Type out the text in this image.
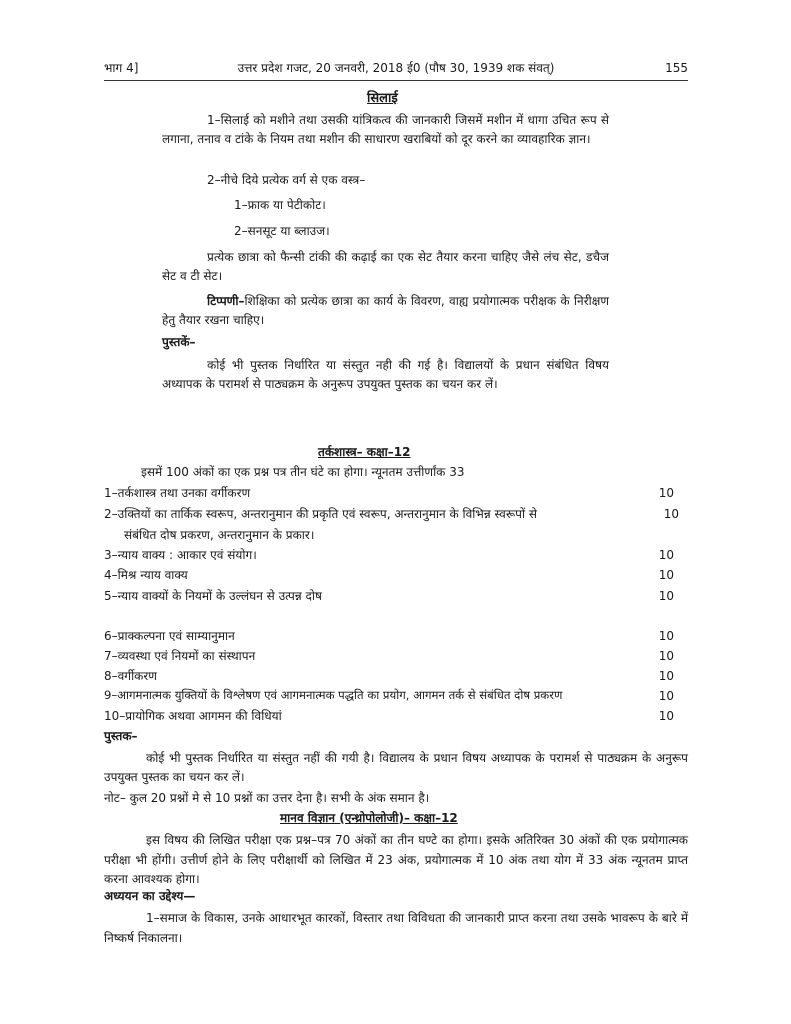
भाग 4]	उत्तर प्रदेश गजट, 20 जनवरी, 2018 ई0 (पौष 30, 1939 शक संवत्)	155
सिलाई
1–सिलाई को मशीने तथा उसकी यांत्रिकत्व की जानकारी जिसमें मशीन में धागा उचित रूप से लगाना, तनाव व टांके के नियम तथा मशीन की साधारण खराबियों को दूर करने का व्यावहारिक ज्ञान।
2–नीचे दिये प्रत्येक वर्ग से एक वस्त्र–
1–फ्राक या पेटीकोट।
2–सनसूट या ब्लाउज।
प्रत्येक छात्रा को फैन्सी टांकी की कढ़ाई का एक सेट तैयार करना चाहिए जैसे लंच सेट, डचैज सेट व टी सेट।
टिप्पणी–शिक्षिका को प्रत्येक छात्रा का कार्य के विवरण, वाह्य प्रयोगात्मक परीक्षक के निरीक्षण हेतु तैयार रखना चाहिए।
पुस्तकें–
कोई भी पुस्तक निर्धारित या संस्तुत नही की गई है। विद्यालयों के प्रधान संबंधित विषय अध्यापक के परामर्श से पाठ्यक्रम के अनुरूप उपयुक्त पुस्तक का चयन कर लें।
तर्कशास्त्र– कक्षा–12
इसमें 100 अंकों का एक प्रश्न पत्र तीन घंटे का होगा। न्यूनतम उत्तीर्णांक 33
1–तर्कशास्त्र तथा उनका वर्गीकरण	10
2–उक्तियों का तार्किक स्वरूप, अन्तरानुमान की प्रकृति एवं स्वरूप, अन्तरानुमान के विभिन्न स्वरूपों से	10
संबंधित दोष प्रकरण, अन्तरानुमान के प्रकार।
3–न्याय वाक्य : आकार एवं संयोग।	10
4–मिश्र न्याय वाक्य	10
5–न्याय वाक्यों के नियमों के उल्लंघन से उत्पन्न दोष	10
6–प्राक्कल्पना एवं साम्यानुमान	10
7–व्यवस्था एवं नियमों का संस्थापन	10
8–वर्गीकरण	10
9–आगमनात्मक युक्तियों के विश्लेषण एवं आगमनात्मक पद्धति का प्रयोग, आगमन तर्क से संबंधित दोष प्रकरण	10
10–प्रायोगिक अथवा आगमन की विधियां	10
पुस्तक–
कोई भी पुस्तक निर्धारित या संस्तुत नहीं की गयी है। विद्यालय के प्रधान विषय अध्यापक के परामर्श से पाठ्यक्रम के अनुरूप उपयुक्त पुस्तक का चयन कर लें।
नोट– कुल 20 प्रश्नों मे से 10 प्रश्नों का उत्तर देना है। सभी के अंक समान है।
मानव विज्ञान (एन्थ्रोपोलोजी)– कक्षा–12
इस विषय की लिखित परीक्षा एक प्रश्न–पत्र 70 अंकों का तीन घण्टे का होगा। इसके अतिरिक्त 30 अंकों की एक प्रयोगात्मक परीक्षा भी होंगी। उत्तीर्ण होने के लिए परीक्षार्थी को लिखित में 23 अंक, प्रयोगात्मक में 10 अंक तथा योग में 33 अंक न्यूनतम प्राप्त करना आवश्यक होगा।
अध्ययन का उद्देश्य—
1–समाज के विकास, उनके आधारभूत कारकों, विस्तार तथा विविधता की जानकारी प्राप्त करना तथा उसके भावरूप के बारे में निष्कर्ष निकालना।
